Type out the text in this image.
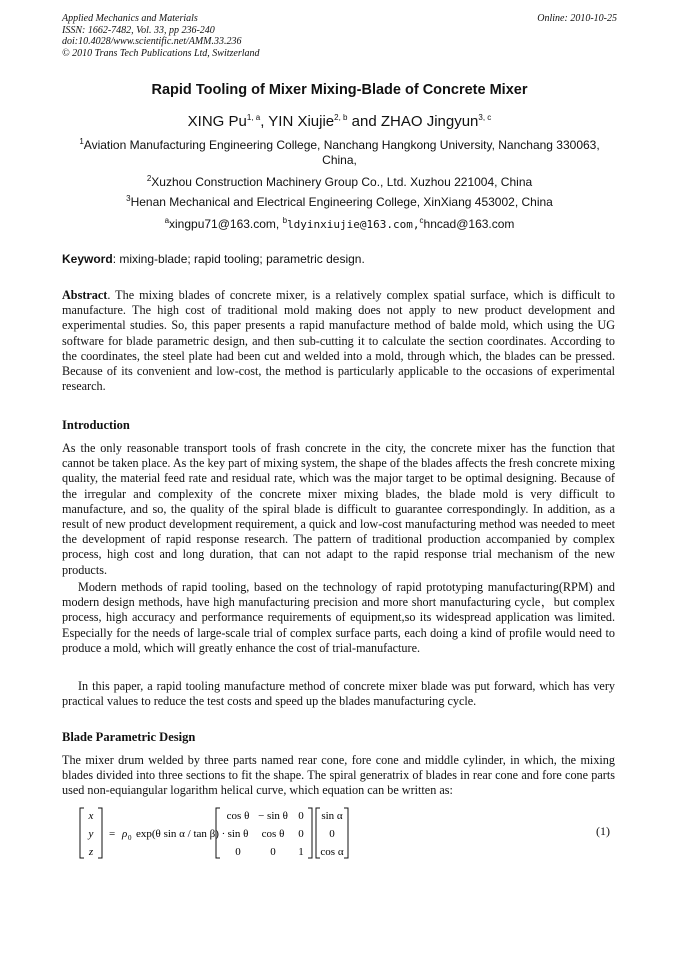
Applied Mechanics and Materials
ISSN: 1662-7482, Vol. 33, pp 236-240
doi:10.4028/www.scientific.net/AMM.33.236
© 2010 Trans Tech Publications Ltd, Switzerland
Online: 2010-10-25
Rapid Tooling of Mixer Mixing-Blade of Concrete Mixer
XING Pu$^{1, a}$, YIN Xiujie$^{2, b}$ and ZHAO Jingyun$^{3, c}$
$^1$Aviation Manufacturing Engineering College, Nanchang Hangkong University, Nanchang 330063, China,
$^2$Xuzhou Construction Machinery Group Co., Ltd. Xuzhou 221004, China
$^3$Henan Mechanical and Electrical Engineering College, XinXiang 453002, China
$^a$xingpu71@163.com, $^b$ldyinxiujie@163.com,$^c$hncad@163.com
Keyword: mixing-blade; rapid tooling; parametric design.
Abstract. The mixing blades of concrete mixer, is a relatively complex spatial surface, which is difficult to manufacture. The high cost of traditional mold making does not apply to new product development and experimental studies. So, this paper presents a rapid manufacture method of balde mold, which using the UG software for blade parametric design, and then sub-cutting it to calculate the section coordinates. According to the coordinates, the steel plate had been cut and welded into a mold, through which, the blades can be pressed. Because of its convenient and low-cost, the method is particularly applicable to the occasions of experimental research.
Introduction
As the only reasonable transport tools of frash concrete in the city, the concrete mixer has the function that cannot be taken place. As the key part of mixing system, the shape of the blades affects the fresh concrete mixing quality, the material feed rate and residual rate, which was the major target to be optimal designing. Because of the irregular and complexity of the concrete mixer mixing blades, the blade mold is very difficult to manufacture, and so, the quality of the spiral blade is difficult to guarantee correspondingly. In addition, as a result of new product development requirement, a quick and low-cost manufacturing method was needed to meet the development of rapid response research. The pattern of traditional production accompanied by complex process, high cost and long duration, that can not adapt to the rapid response trial mechanism of the new products.
Modern methods of rapid tooling, based on the technology of rapid prototyping manufacturing(RPM) and modern design methods, have high manufacturing precision and more short manufacturing cycle，but complex process, high accuracy and performance requirements of equipment,so its widespread application was limited. Especially for the needs of large-scale trial of complex surface parts, each doing a kind of profile would need to produce a mold, which will greatly enhance the cost of trial-manufacture.
In this paper, a rapid tooling manufacture method of concrete mixer blade was put forward, which has very practical values to reduce the test costs and speed up the blades manufacturing cycle.
Blade Parametric Design
The mixer drum welded by three parts named rear cone, fore cone and middle cylinder, in which, the mixing blades divided into three sections to fit the shape. The spiral generatrix of blades in rear cone and fore cone parts used non-equiangular logarithm helical curve, which equation can be written as:
x
y
z
= ρ 0 exp(θ sin α / tan β) ·
cos θ − sin θ 0
sin θ cos θ 0
0	0 1
sin α
0
cos α
(1)
